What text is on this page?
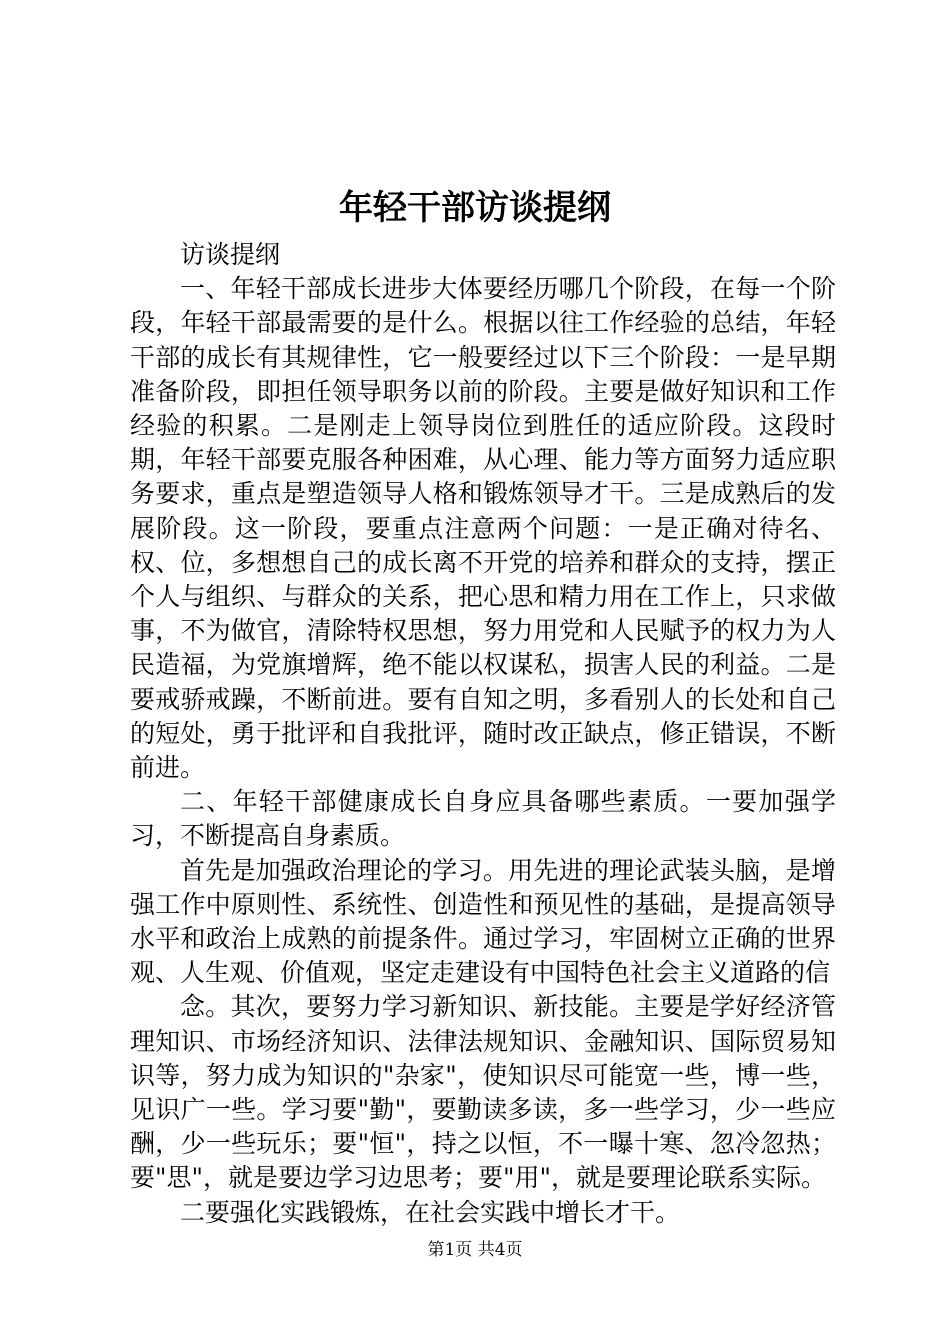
年轻干部访谈提纲

访谈提纲

一、年轻干部成长进步大体要经历哪几个阶段，在每一个阶段，年轻干部最需要的是什么。根据以往工作经验的总结，年轻干部的成长有其规律性，它一般要经过以下三个阶段：一是早期准备阶段，即担任领导职务以前的阶段。主要是做好知识和工作经验的积累。二是刚走上领导岗位到胜任的适应阶段。这段时期，年轻干部要克服各种困难，从心理、能力等方面努力适应职务要求，重点是塑造领导人格和锻炼领导才干。三是成熟后的发展阶段。这一阶段，要重点注意两个问题：一是正确对待名、权、位，多想想自己的成长离不开党的培养和群众的支持，摆正个人与组织、与群众的关系，把心思和精力用在工作上，只求做事，不为做官，清除特权思想，努力用党和人民赋予的权力为人民造福，为党旗增辉，绝不能以权谋私，损害人民的利益。二是要戒骄戒躁，不断前进。要有自知之明，多看别人的长处和自己的短处，勇于批评和自我批评，随时改正缺点，修正错误，不断前进。

二、年轻干部健康成长自身应具备哪些素质。一要加强学习，不断提高自身素质。

首先是加强政治理论的学习。用先进的理论武装头脑，是增强工作中原则性、系统性、创造性和预见性的基础，是提高领导水平和政治上成熟的前提条件。通过学习，牢固树立正确的世界观、人生观、价值观，坚定走建设有中国特色社会主义道路的信

念。其次，要努力学习新知识、新技能。主要是学好经济管理知识、市场经济知识、法律法规知识、金融知识、国际贸易知识等，努力成为知识的"杂家"，使知识尽可能宽一些，博一些，见识广一些。学习要"勤"，要勤读多读，多一些学习，少一些应酬，少一些玩乐；要"恒"，持之以恒，不一曝十寒、忽冷忽热；要"思"，就是要边学习边思考；要"用"，就是要理论联系实际。

二要强化实践锻炼，在社会实践中增长才干。

第1页 共4页
